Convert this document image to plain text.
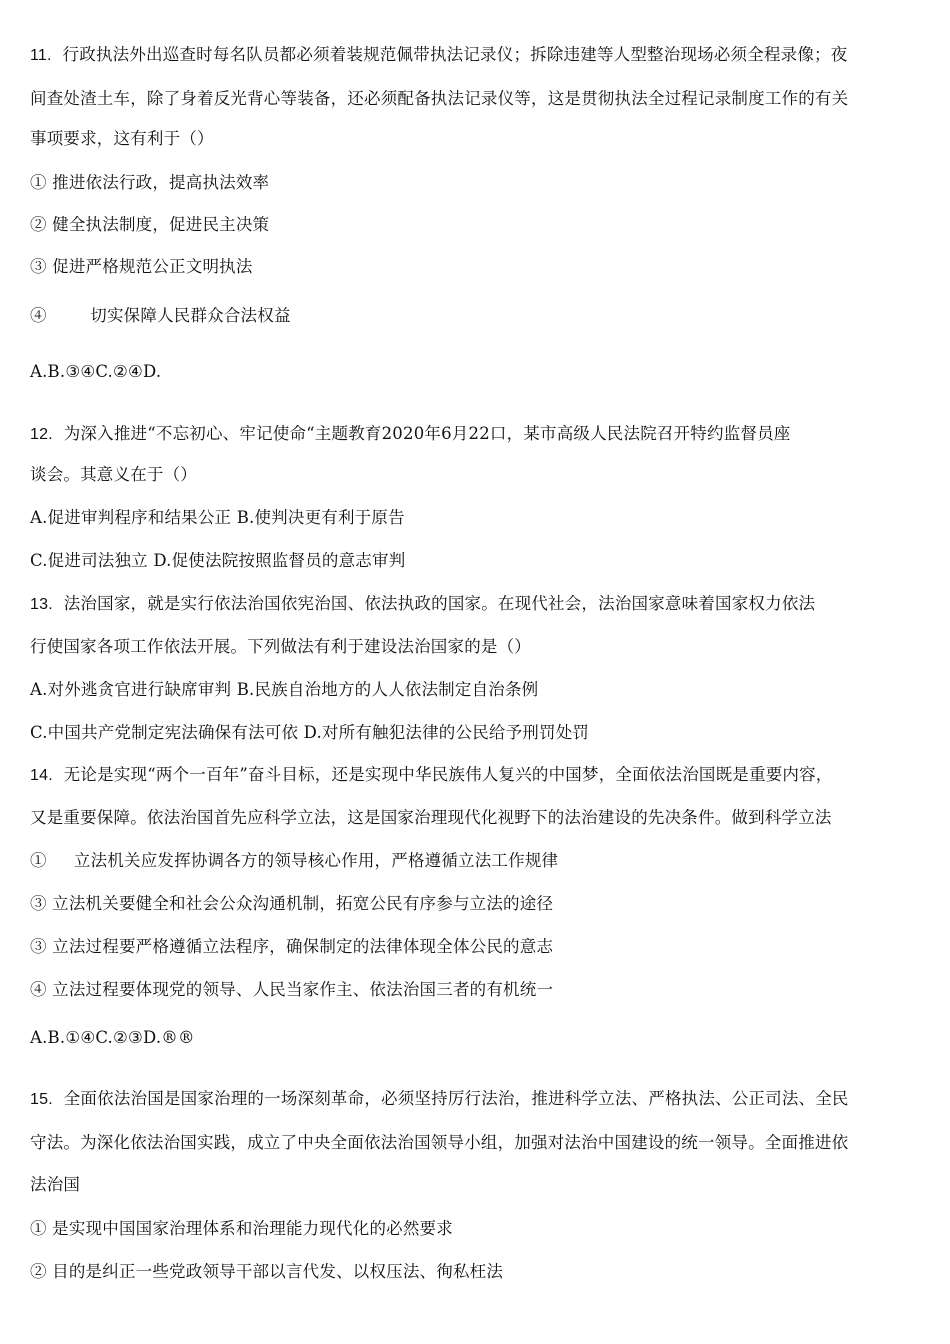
11. 行政执法外出巡查时每名队员都必须着装规范佩带执法记录仪；拆除违建等人型整治现场必须全程录像；夜
间查处渣土车，除了身着反光背心等装备，还必须配备执法记录仪等，这是贯彻执法全过程记录制度工作的有关
事项要求，这有利于（）
① 推进依法行政，提高执法效率
② 健全执法制度，促进民主决策
③ 促进严格规范公正文明执法
④        切实保障人民群众合法权益
A.B.③④C.②④D.
12. 为深入推进“不忘初心、牢记使命“主题教育2020年6月22口，某市高级人民法院召开特约监督员座
谈会。其意义在于（）
A.促进审判程序和结果公正 B.使判决更有利于原告
C.促进司法独立 D.促使法院按照监督员的意志审判
13. 法治国家，就是实行依法治国依宪治国、依法执政的国家。在现代社会，法治国家意味着国家权力依法
行使国家各项工作依法开展。下列做法有利于建设法治国家的是（）
A.对外逃贪官进行缺席审判 B.民族自治地方的人人依法制定自治条例
C.中国共产党制定宪法确保有法可依 D.对所有触犯法律的公民给予刑罚处罚
14. 无论是实现“两个一百年”奋斗目标，还是实现中华民族伟人复兴的中国梦，全面依法治国既是重要内容，
又是重要保障。依法治国首先应科学立法，这是国家治理现代化视野下的法治建设的先决条件。做到科学立法
①     立法机关应发挥协调各方的领导核心作用，严格遵循立法工作规律
③ 立法机关要健全和社会公众沟通机制，拓宽公民有序参与立法的途径
③ 立法过程要严格遵循立法程序，确保制定的法律体现全体公民的意志
④ 立法过程要体现党的领导、人民当家作主、依法治国三者的有机统一
A.B.①④C.②③D.®®
15. 全面依法治国是国家治理的一场深刻革命，必须坚持厉行法治，推进科学立法、严格执法、公正司法、全民
守法。为深化依法治国实践，成立了中央全面依法治国领导小组，加强对法治中国建设的统一领导。全面推进依
法治国
① 是实现中国国家治理体系和治理能力现代化的必然要求
② 目的是纠正一些党政领导干部以言代发、以权压法、徇私枉法
